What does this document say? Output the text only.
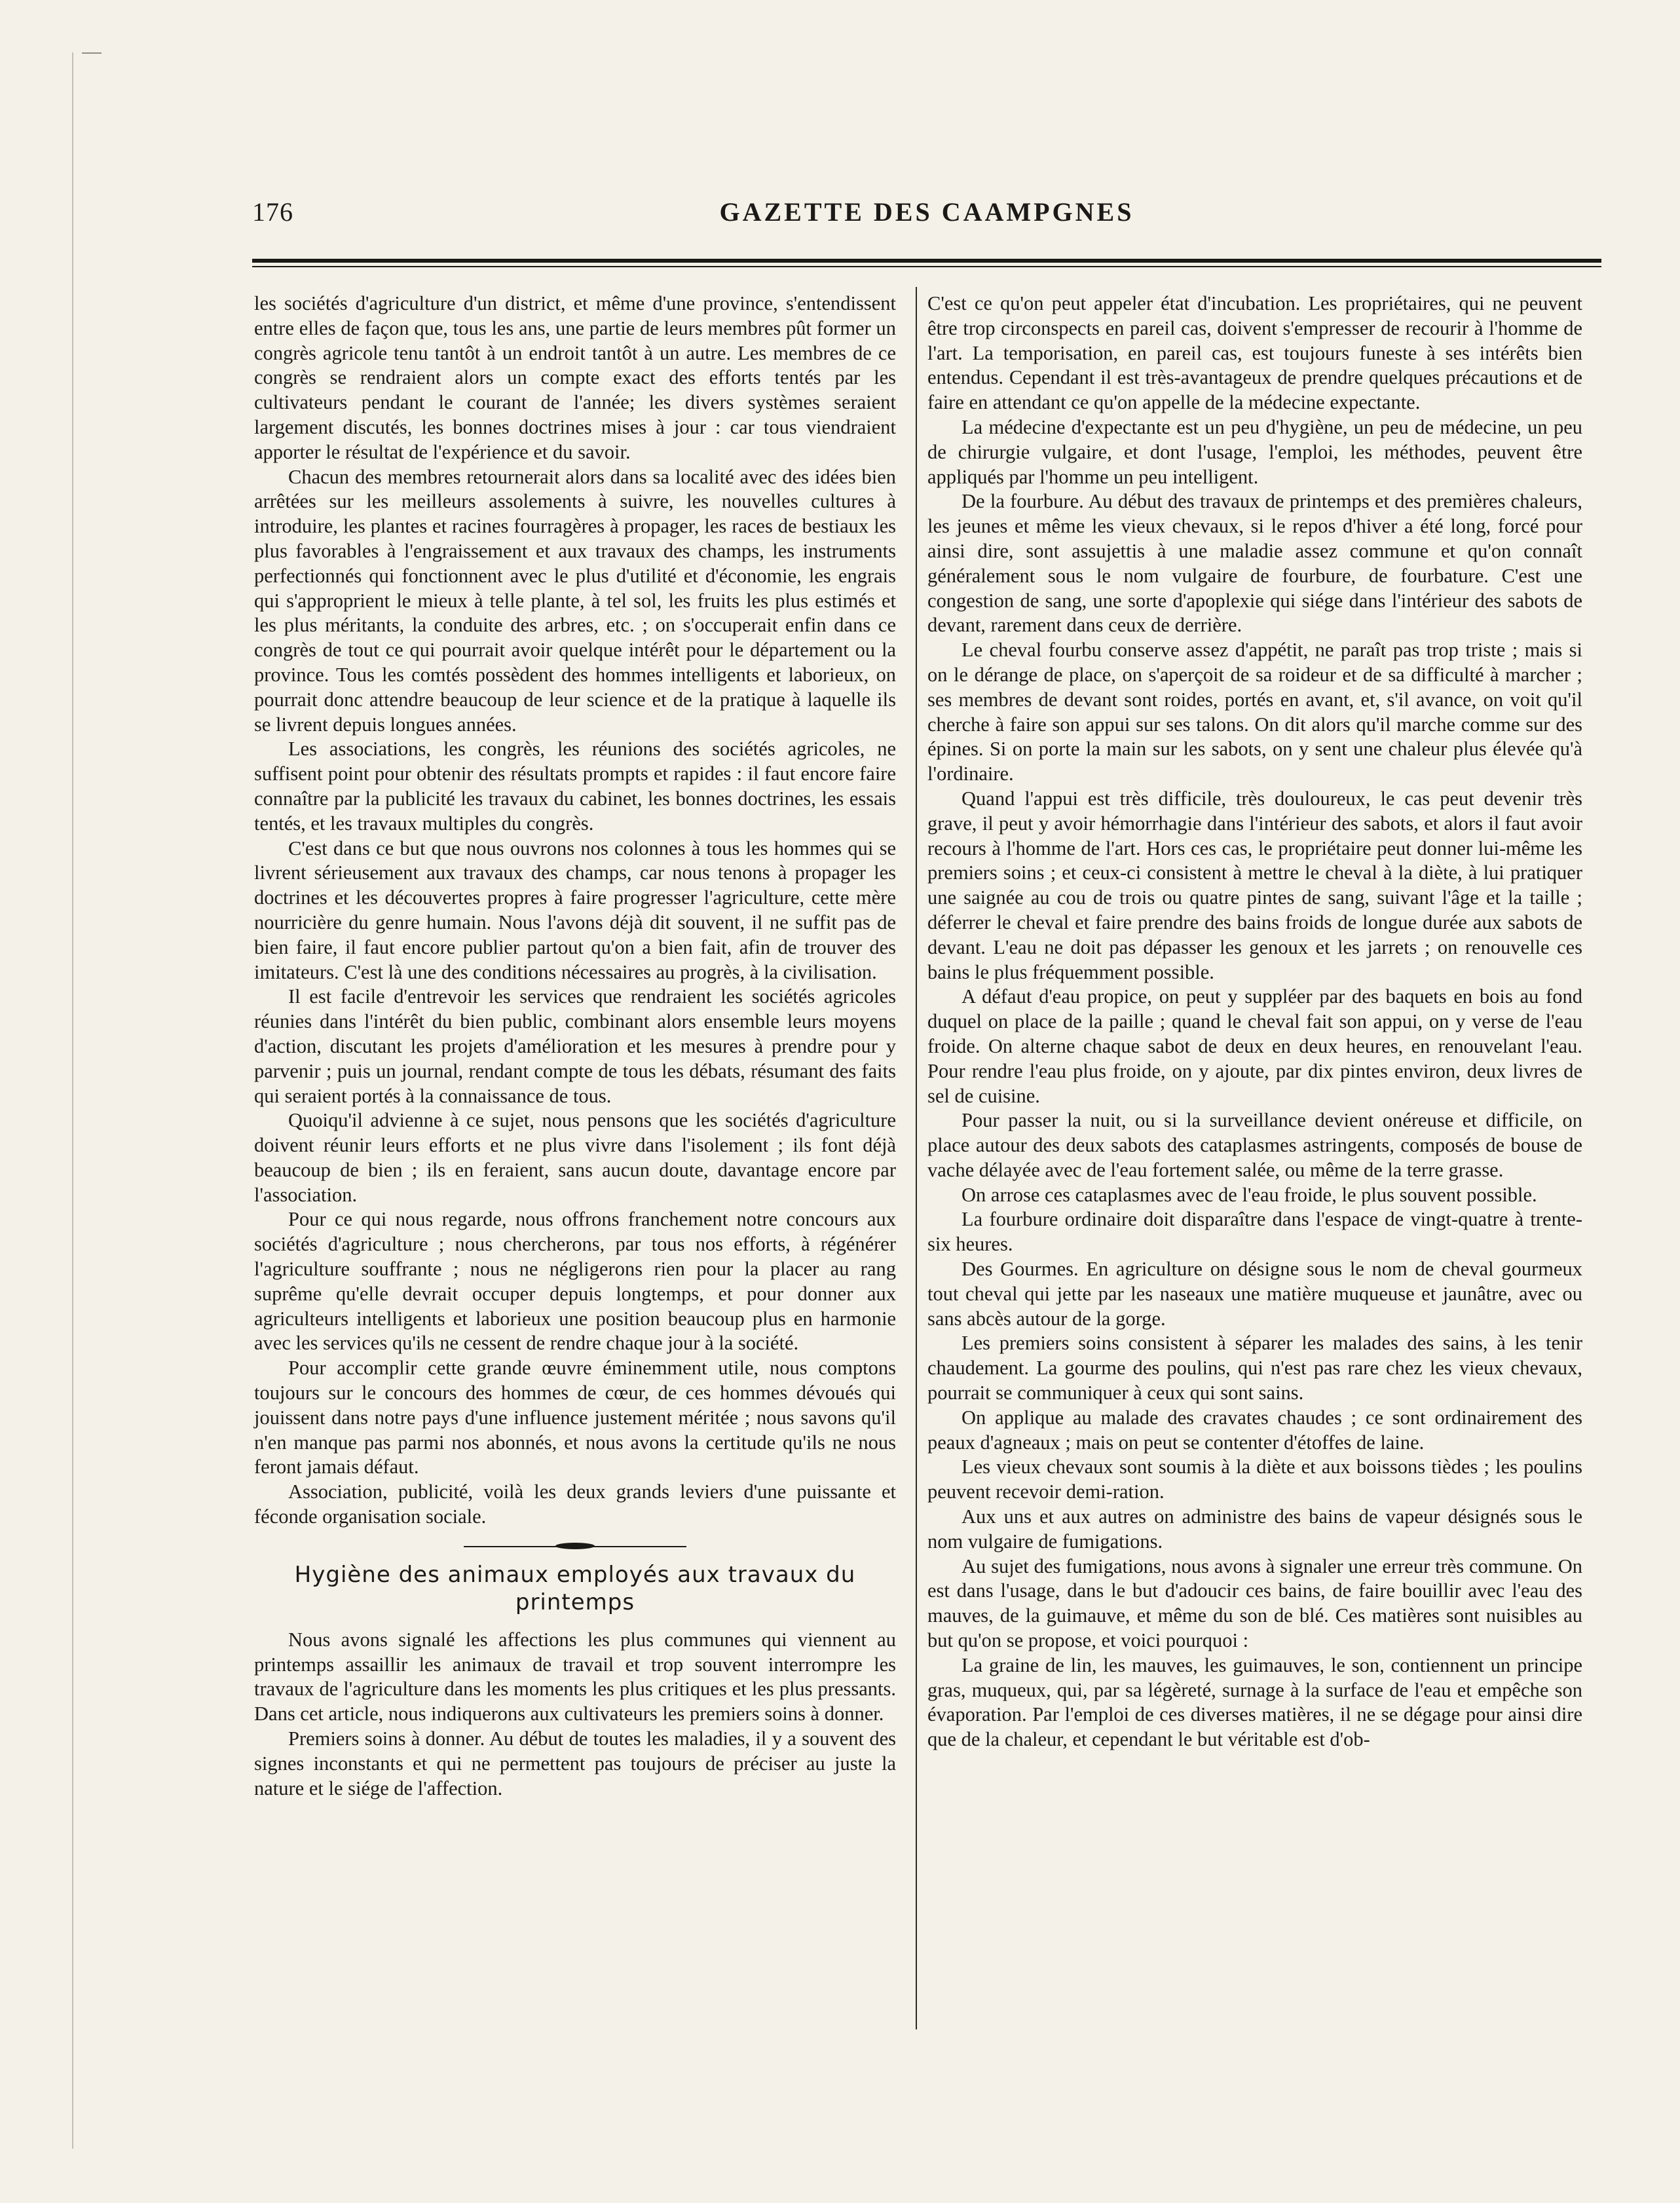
176	GAZETTE DES CAAMPGNES

les sociétés d'agriculture d'un district, et même d'une province, s'entendissent entre elles de façon que, tous les ans, une partie de leurs membres pût former un congrès agricole tenu tantôt à un endroit tantôt à un autre. Les membres de ce congrès se rendraient alors un compte exact des efforts tentés par les cultivateurs pendant le courant de l'année; les divers systèmes seraient largement discutés, les bonnes doctrines mises à jour : car tous viendraient apporter le résultat de l'expérience et du savoir.

Chacun des membres retournerait alors dans sa localité avec des idées bien arrêtées sur les meilleurs assolements à suivre, les nouvelles cultures à introduire, les plantes et racines fourragères à propager, les races de bestiaux les plus favorables à l'engraissement et aux travaux des champs, les instruments perfectionnés qui fonctionnent avec le plus d'utilité et d'économie, les engrais qui s'approprient le mieux à telle plante, à tel sol, les fruits les plus estimés et les plus méritants, la conduite des arbres, etc. ; on s'occuperait enfin dans ce congrès de tout ce qui pourrait avoir quelque intérêt pour le département ou la province. Tous les comtés possèdent des hommes intelligents et laborieux, on pourrait donc attendre beaucoup de leur science et de la pratique à laquelle ils se livrent depuis longues années.

Les associations, les congrès, les réunions des sociétés agricoles, ne suffisent point pour obtenir des résultats prompts et rapides : il faut encore faire connaître par la publicité les travaux du cabinet, les bonnes doctrines, les essais tentés, et les travaux multiples du congrès.

C'est dans ce but que nous ouvrons nos colonnes à tous les hommes qui se livrent sérieusement aux travaux des champs, car nous tenons à propager les doctrines et les découvertes propres à faire progresser l'agriculture, cette mère nourricière du genre humain. Nous l'avons déjà dit souvent, il ne suffit pas de bien faire, il faut encore publier partout qu'on a bien fait, afin de trouver des imitateurs. C'est là une des conditions nécessaires au progrès, à la civilisation.

Il est facile d'entrevoir les services que rendraient les sociétés agricoles réunies dans l'intérêt du bien public, combinant alors ensemble leurs moyens d'action, discutant les projets d'amélioration et les mesures à prendre pour y parvenir ; puis un journal, rendant compte de tous les débats, résumant des faits qui seraient portés à la connaissance de tous.

Quoiqu'il advienne à ce sujet, nous pensons que les sociétés d'agriculture doivent réunir leurs efforts et ne plus vivre dans l'isolement ; ils font déjà beaucoup de bien ; ils en feraient, sans aucun doute, davantage encore par l'association.

Pour ce qui nous regarde, nous offrons franchement notre concours aux sociétés d'agriculture ; nous chercherons, par tous nos efforts, à régénérer l'agriculture souffrante ; nous ne négligerons rien pour la placer au rang suprême qu'elle devrait occuper depuis longtemps, et pour donner aux agriculteurs intelligents et laborieux une position beaucoup plus en harmonie avec les services qu'ils ne cessent de rendre chaque jour à la société.

Pour accomplir cette grande œuvre éminemment utile, nous comptons toujours sur le concours des hommes de cœur, de ces hommes dévoués qui jouissent dans notre pays d'une influence justement méritée ; nous savons qu'il n'en manque pas parmi nos abonnés, et nous avons la certitude qu'ils ne nous feront jamais défaut.

Association, publicité, voilà les deux grands leviers d'une puissante et féconde organisation sociale.

Hygiène des animaux employés aux travaux du printemps

Nous avons signalé les affections les plus communes qui viennent au printemps assaillir les animaux de travail et trop souvent interrompre les travaux de l'agriculture dans les moments les plus critiques et les plus pressants. Dans cet article, nous indiquerons aux cultivateurs les premiers soins à donner.

Premiers soins à donner. Au début de toutes les maladies, il y a souvent des signes inconstants et qui ne permettent pas toujours de préciser au juste la nature et le siége de l'affection.

C'est ce qu'on peut appeler état d'incubation. Les propriétaires, qui ne peuvent être trop circonspects en pareil cas, doivent s'empresser de recourir à l'homme de l'art. La temporisation, en pareil cas, est toujours funeste à ses intérêts bien entendus. Cependant il est très-avantageux de prendre quelques précautions et de faire en attendant ce qu'on appelle de la médecine expectante.

La médecine d'expectante est un peu d'hygiène, un peu de médecine, un peu de chirurgie vulgaire, et dont l'usage, l'emploi, les méthodes, peuvent être appliqués par l'homme un peu intelligent.

De la fourbure. Au début des travaux de printemps et des premières chaleurs, les jeunes et même les vieux chevaux, si le repos d'hiver a été long, forcé pour ainsi dire, sont assujettis à une maladie assez commune et qu'on connaît généralement sous le nom vulgaire de fourbure, de fourbature. C'est une congestion de sang, une sorte d'apoplexie qui siége dans l'intérieur des sabots de devant, rarement dans ceux de derrière.

Le cheval fourbu conserve assez d'appétit, ne paraît pas trop triste ; mais si on le dérange de place, on s'aperçoit de sa roideur et de sa difficulté à marcher ; ses membres de devant sont roides, portés en avant, et, s'il avance, on voit qu'il cherche à faire son appui sur ses talons. On dit alors qu'il marche comme sur des épines. Si on porte la main sur les sabots, on y sent une chaleur plus élevée qu'à l'ordinaire.

Quand l'appui est très difficile, très douloureux, le cas peut devenir très grave, il peut y avoir hémorrhagie dans l'intérieur des sabots, et alors il faut avoir recours à l'homme de l'art. Hors ces cas, le propriétaire peut donner lui-même les premiers soins ; et ceux-ci consistent à mettre le cheval à la diète, à lui pratiquer une saignée au cou de trois ou quatre pintes de sang, suivant l'âge et la taille ; déferrer le cheval et faire prendre des bains froids de longue durée aux sabots de devant. L'eau ne doit pas dépasser les genoux et les jarrets ; on renouvelle ces bains le plus fréquemment possible.

A défaut d'eau propice, on peut y suppléer par des baquets en bois au fond duquel on place de la paille ; quand le cheval fait son appui, on y verse de l'eau froide. On alterne chaque sabot de deux en deux heures, en renouvelant l'eau. Pour rendre l'eau plus froide, on y ajoute, par dix pintes environ, deux livres de sel de cuisine.

Pour passer la nuit, ou si la surveillance devient onéreuse et difficile, on place autour des deux sabots des cataplasmes astringents, composés de bouse de vache délayée avec de l'eau fortement salée, ou même de la terre grasse.

On arrose ces cataplasmes avec de l'eau froide, le plus souvent possible.

La fourbure ordinaire doit disparaître dans l'espace de vingt-quatre à trente-six heures.

Des Gourmes. En agriculture on désigne sous le nom de cheval gourmeux tout cheval qui jette par les naseaux une matière muqueuse et jaunâtre, avec ou sans abcès autour de la gorge.

Les premiers soins consistent à séparer les malades des sains, à les tenir chaudement. La gourme des poulins, qui n'est pas rare chez les vieux chevaux, pourrait se communiquer à ceux qui sont sains.

On applique au malade des cravates chaudes ; ce sont ordinairement des peaux d'agneaux ; mais on peut se contenter d'étoffes de laine.

Les vieux chevaux sont soumis à la diète et aux boissons tièdes ; les poulins peuvent recevoir demi-ration.

Aux uns et aux autres on administre des bains de vapeur désignés sous le nom vulgaire de fumigations.

Au sujet des fumigations, nous avons à signaler une erreur très commune. On est dans l'usage, dans le but d'adoucir ces bains, de faire bouillir avec l'eau des mauves, de la guimauve, et même du son de blé. Ces matières sont nuisibles au but qu'on se propose, et voici pourquoi :

La graine de lin, les mauves, les guimauves, le son, contiennent un principe gras, muqueux, qui, par sa légèreté, surnage à la surface de l'eau et empêche son évaporation. Par l'emploi de ces diverses matières, il ne se dégage pour ainsi dire que de la chaleur, et cependant le but véritable est d'ob-
